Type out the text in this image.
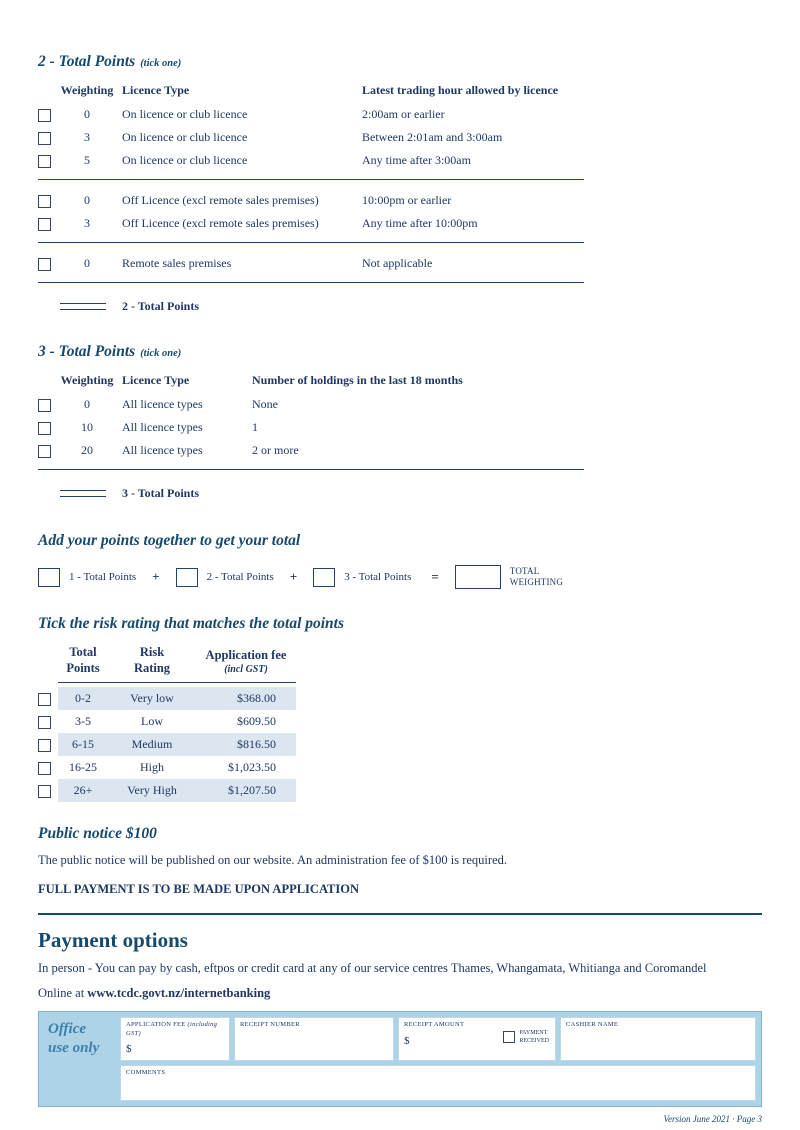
2 - Total Points (tick one)
Weighting Licence Type	Latest trading hour allowed by licence
0	On licence or club licence	2:00am or earlier
3	On licence or club licence	Between 2:01am and 3:00am
5	On licence or club licence	Any time after 3:00am
0	Off Licence (excl remote sales premises)	10:00pm or earlier
3	Off Licence (excl remote sales premises)	Any time after 10:00pm
0	Remote sales premises	Not applicable
2 - Total Points
3 - Total Points (tick one)
Weighting Licence Type	Number of holdings in the last 18 months
0	All licence types	None
10	All licence types	1
20	All licence types	2 or more
3 - Total Points
Add your points together to get your total
1 - Total Points +	2 - Total Points +	3 - Total Points =	TOTAL
WEIGHTING
Tick the risk rating that matches the total points
Total
Points
Risk
Rating
Application fee
(incl GST)
0-2	Very low	$368.00
3-5	Low	$609.50
6-15	Medium	$816.50
16-25	High	$1,023.50
26+	Very High	$1,207.50
Public notice $100
The public notice will be published on our website. An administration fee of $100 is required.
FULL PAYMENT IS TO BE MADE UPON APPLICATION
Payment options
In person - You can pay by cash, eftpos or credit card at any of our service centres Thames, Whangamata, Whitianga and Coromandel
Online at www.tcdc.govt.nz/internetbanking
Office
use only
APPLICATION FEE (including GST)
$
RECEIPT NUMBER	RECEIPT AMOUNT
$
PAYMENT
RECEIVED
CASHIER NAME
COMMENTS
Version June 2021 · Page 3
